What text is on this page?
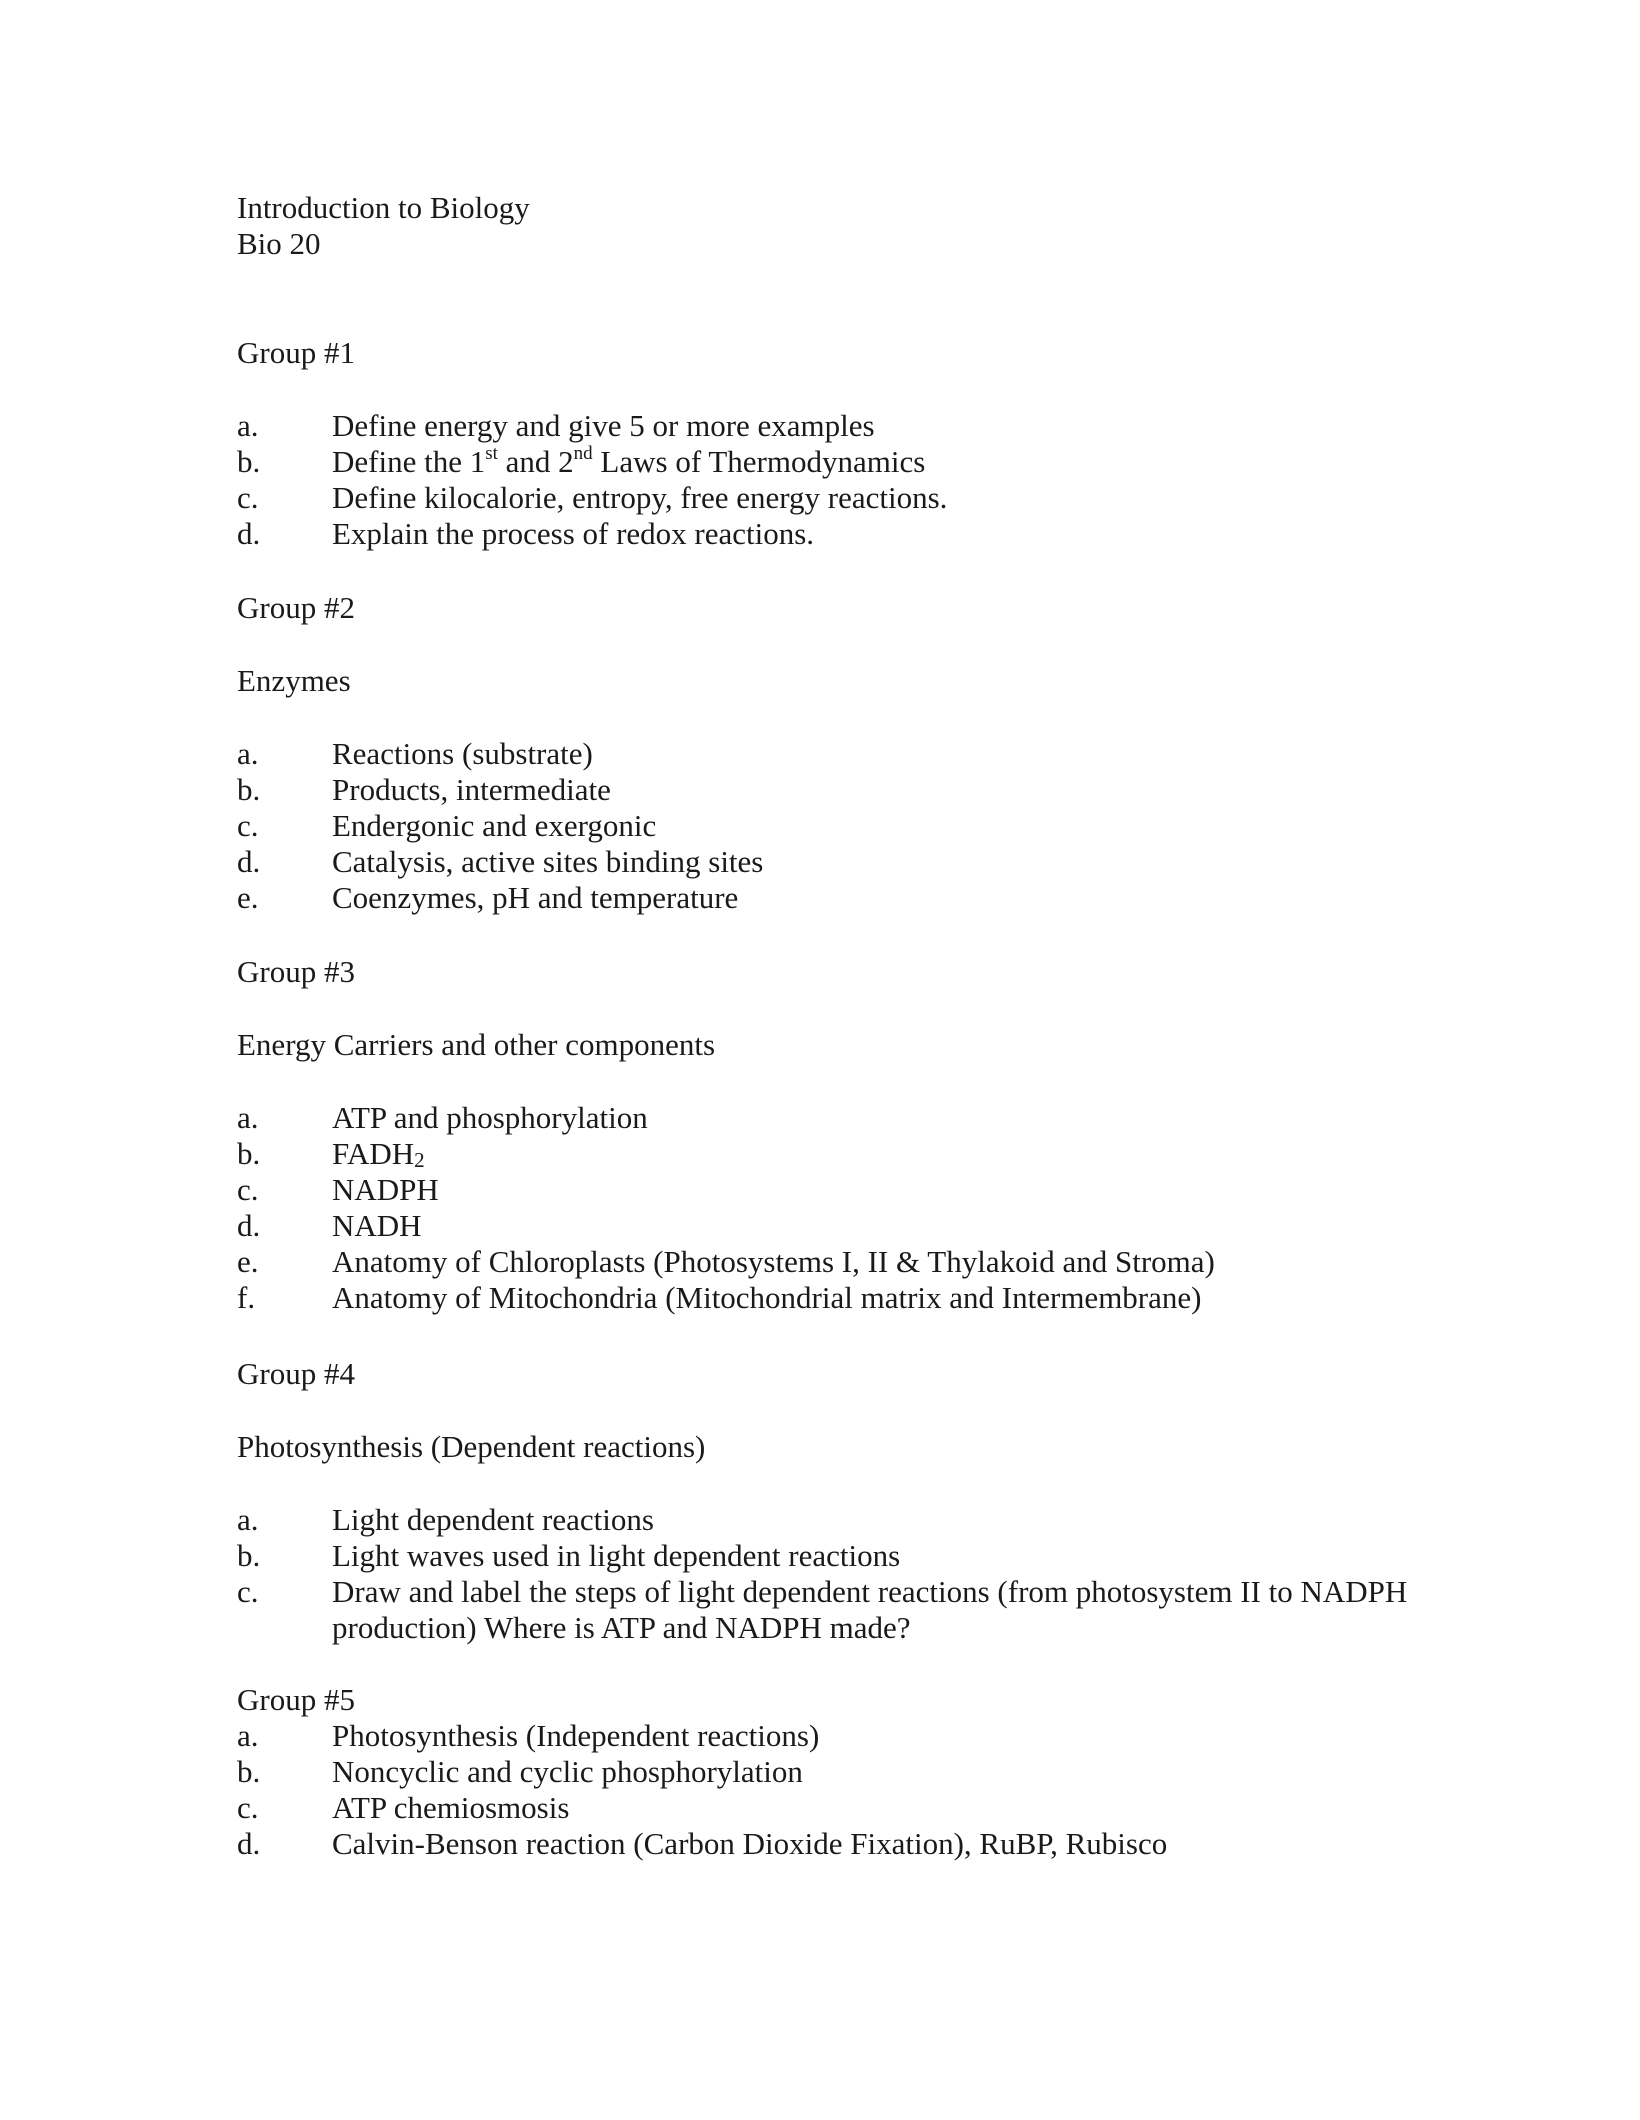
Introduction to Biology

Bio 20

Group #1

a. Define energy and give 5 or more examples
b. Define the 1st and 2nd Laws of Thermodynamics
c. Define kilocalorie, entropy, free energy reactions.
d. Explain the process of redox reactions.

Group #2

Enzymes

a. Reactions (substrate)
b. Products, intermediate
c. Endergonic and exergonic
d. Catalysis, active sites binding sites
e. Coenzymes, pH and temperature

Group #3

Energy Carriers and other components

a. ATP and phosphorylation
b. $FADH_2$
c. NADPH
d. NADH
e. Anatomy of Chloroplasts (Photosystems I, II & Thylakoid and Stroma)
f. Anatomy of Mitochondria (Mitochondrial matrix and Intermembrane)

Group #4

Photosynthesis (Dependent reactions)

a. Light dependent reactions
b. Light waves used in light dependent reactions
c. Draw and label the steps of light dependent reactions (from photosystem II to NADPH production) Where is ATP and NADPH made?

Group #5

a. Photosynthesis (Independent reactions)
b. Noncyclic and cyclic phosphorylation
c. ATP chemiosmosis
d. Calvin-Benson reaction (Carbon Dioxide Fixation), RuBP, Rubisco
